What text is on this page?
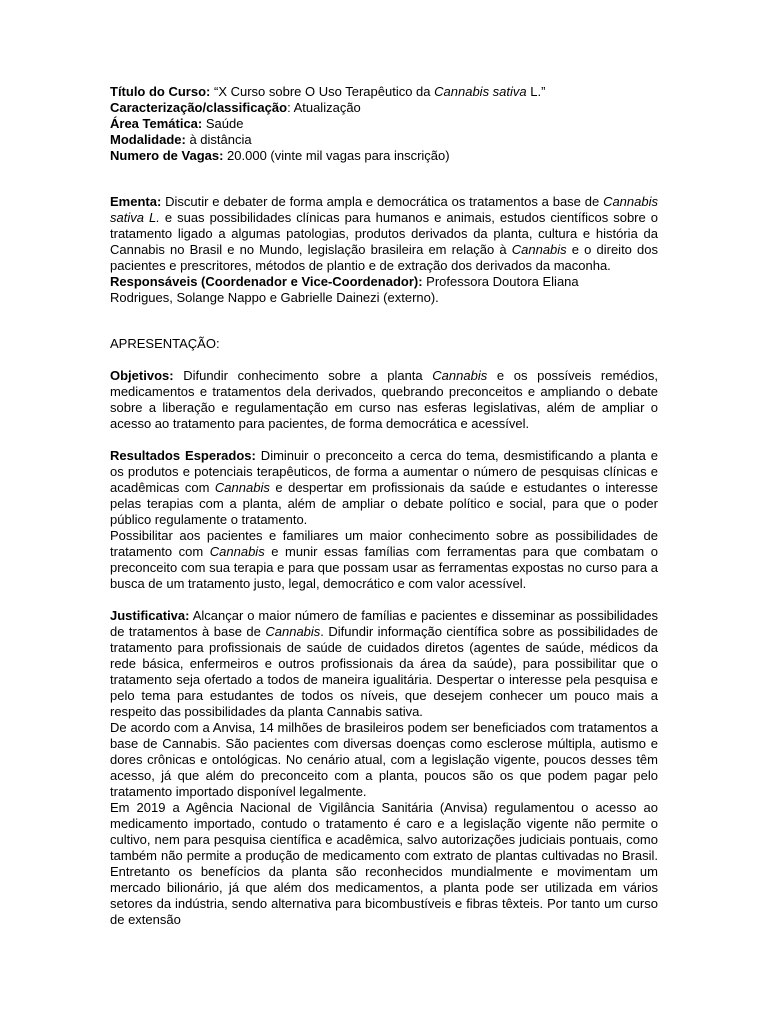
Título do Curso: “X Curso sobre O Uso Terapêutico da Cannabis sativa L.”
Caracterização/classificação: Atualização
Área Temática: Saúde
Modalidade: à distância
Numero de Vagas: 20.000 (vinte mil vagas para inscrição)
Ementa: Discutir e debater de forma ampla e democrática os tratamentos a base de Cannabis sativa L. e suas possibilidades clínicas para humanos e animais, estudos científicos sobre o tratamento ligado a algumas patologias, produtos derivados da planta, cultura e história da Cannabis no Brasil e no Mundo, legislação brasileira em relação à Cannabis e o direito dos pacientes e prescritores, métodos de plantio e de extração dos derivados da maconha.
Responsáveis (Coordenador e Vice-Coordenador): Professora Doutora Eliana
Rodrigues, Solange Nappo e Gabrielle Dainezi (externo).
APRESENTAÇÃO:
Objetivos: Difundir conhecimento sobre a planta Cannabis e os possíveis remédios, medicamentos e tratamentos dela derivados, quebrando preconceitos e ampliando o debate sobre a liberação e regulamentação em curso nas esferas legislativas, além de ampliar o acesso ao tratamento para pacientes, de forma democrática e acessível.
Resultados Esperados: Diminuir o preconceito a cerca do tema, desmistificando a planta e os produtos e potenciais terapêuticos, de forma a aumentar o número de pesquisas clínicas e acadêmicas com Cannabis e despertar em profissionais da saúde e estudantes o interesse pelas terapias com a planta, além de ampliar o debate político e social, para que o poder público regulamente o tratamento.
Possibilitar aos pacientes e familiares um maior conhecimento sobre as possibilidades de tratamento com Cannabis e munir essas famílias com ferramentas para que combatam o preconceito com sua terapia e para que possam usar as ferramentas expostas no curso para a busca de um tratamento justo, legal, democrático e com valor acessível.
Justificativa: Alcançar o maior número de famílias e pacientes e disseminar as possibilidades de tratamentos à base de Cannabis. Difundir informação científica sobre as possibilidades de tratamento para profissionais de saúde de cuidados diretos (agentes de saúde, médicos da rede básica, enfermeiros e outros profissionais da área da saúde), para possibilitar que o tratamento seja ofertado a todos de maneira igualitária. Despertar o interesse pela pesquisa e pelo tema para estudantes de todos os níveis, que desejem conhecer um pouco mais a respeito das possibilidades da planta Cannabis sativa.
De acordo com a Anvisa, 14 milhões de brasileiros podem ser beneficiados com tratamentos a base de Cannabis. São pacientes com diversas doenças como esclerose múltipla, autismo e dores crônicas e ontológicas. No cenário atual, com a legislação vigente, poucos desses têm acesso, já que além do preconceito com a planta, poucos são os que podem pagar pelo tratamento importado disponível legalmente.
Em 2019 a Agência Nacional de Vigilância Sanitária (Anvisa) regulamentou o acesso ao medicamento importado, contudo o tratamento é caro e a legislação vigente não permite o cultivo, nem para pesquisa científica e acadêmica, salvo autorizações judiciais pontuais, como também não permite a produção de medicamento com extrato de plantas cultivadas no Brasil. Entretanto os benefícios da planta são reconhecidos mundialmente e movimentam um mercado bilionário, já que além dos medicamentos, a planta pode ser utilizada em vários setores da indústria, sendo alternativa para bicombustíveis e fibras têxteis. Por tanto um curso de extensão
